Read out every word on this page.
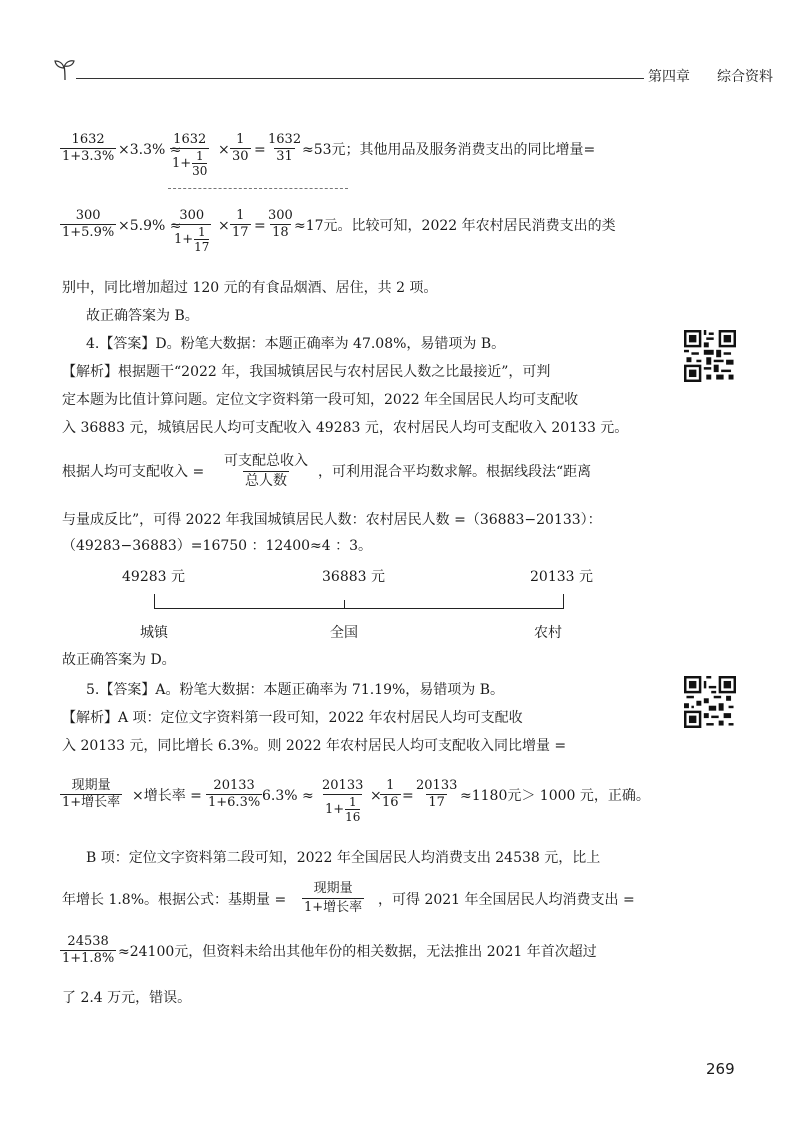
第四章 综合资料
$\frac{1632}{1+3.3\%} \times 3.3\%$ ≈
$\frac{1632}{1+ \frac{1}{30}} \times \frac{1}{30} = \frac{1632}{31}$
≈53元；其他用品及服务消费支出的同比增量=
$\frac{300}{1+5.9\%} \times 5.9\%$ ≈
$\frac{300}{1+ \frac{1}{17}} \times \frac{1}{17} = \frac{300}{18} \approx 17$元。比较可知，2022 年农村居民消费支出的类
别中，同比增加超过 120 元的有食品烟酒、居住，共 2 项。
故正确答案为 B。
4.【答案】D。粉笔大数据：本题正确率为 47.08%，易错项为 B。
【解析】根据题干“2022 年，我国城镇居民与农村居民人数之比最接近”，可判
定本题为比值计算问题。定位文字资料第一段可知，2022 年全国居民人均可支配收
入 36883 元，城镇居民人均可支配收入 49283 元，农村居民人均可支配收入 20133 元。
根据人均可支配收入 =
可支配总收入
总人数
，可利用混合平均数求解。根据线段法“距离
与量成反比”，可得 2022 年我国城镇居民人数：农村居民人数 =（36883−20133）：
（49283−36883）=16750 ：12400≈4 ：3。
49283 元	36883 元	20133 元
城镇	全国	农村
故正确答案为 D。
5.【答案】A。粉笔大数据：本题正确率为 71.19%，易错项为 B。
【解析】A 项：定位文字资料第一段可知，2022 年农村居民人均可支配收
入 20133 元，同比增长 6.3%。则 2022 年农村居民人均可支配收入同比增量 =
现期量
1+增长率 ×增长率 = $\frac{20133}{1+6.3\%} 6.3\% \approx \frac{20133}{1+ \frac{1}{16}}$ ×
$\frac{1}{16} = \frac{20133}{17} \approx 1180$元＞ 1000 元，正确。
B 项：定位文字资料第二段可知，2022 年全国居民人均消费支出 24538 元，比上
年增长 1.8%。根据公式：基期量 =
现期量
1+增长率 ，可得 2021 年全国居民人均消费支出 =
$\frac{24538}{1+1.8\%} \approx 24100$元，但资料未给出其他年份的相关数据，无法推出 2021 年首次超过
了 2.4 万元，错误。
269
